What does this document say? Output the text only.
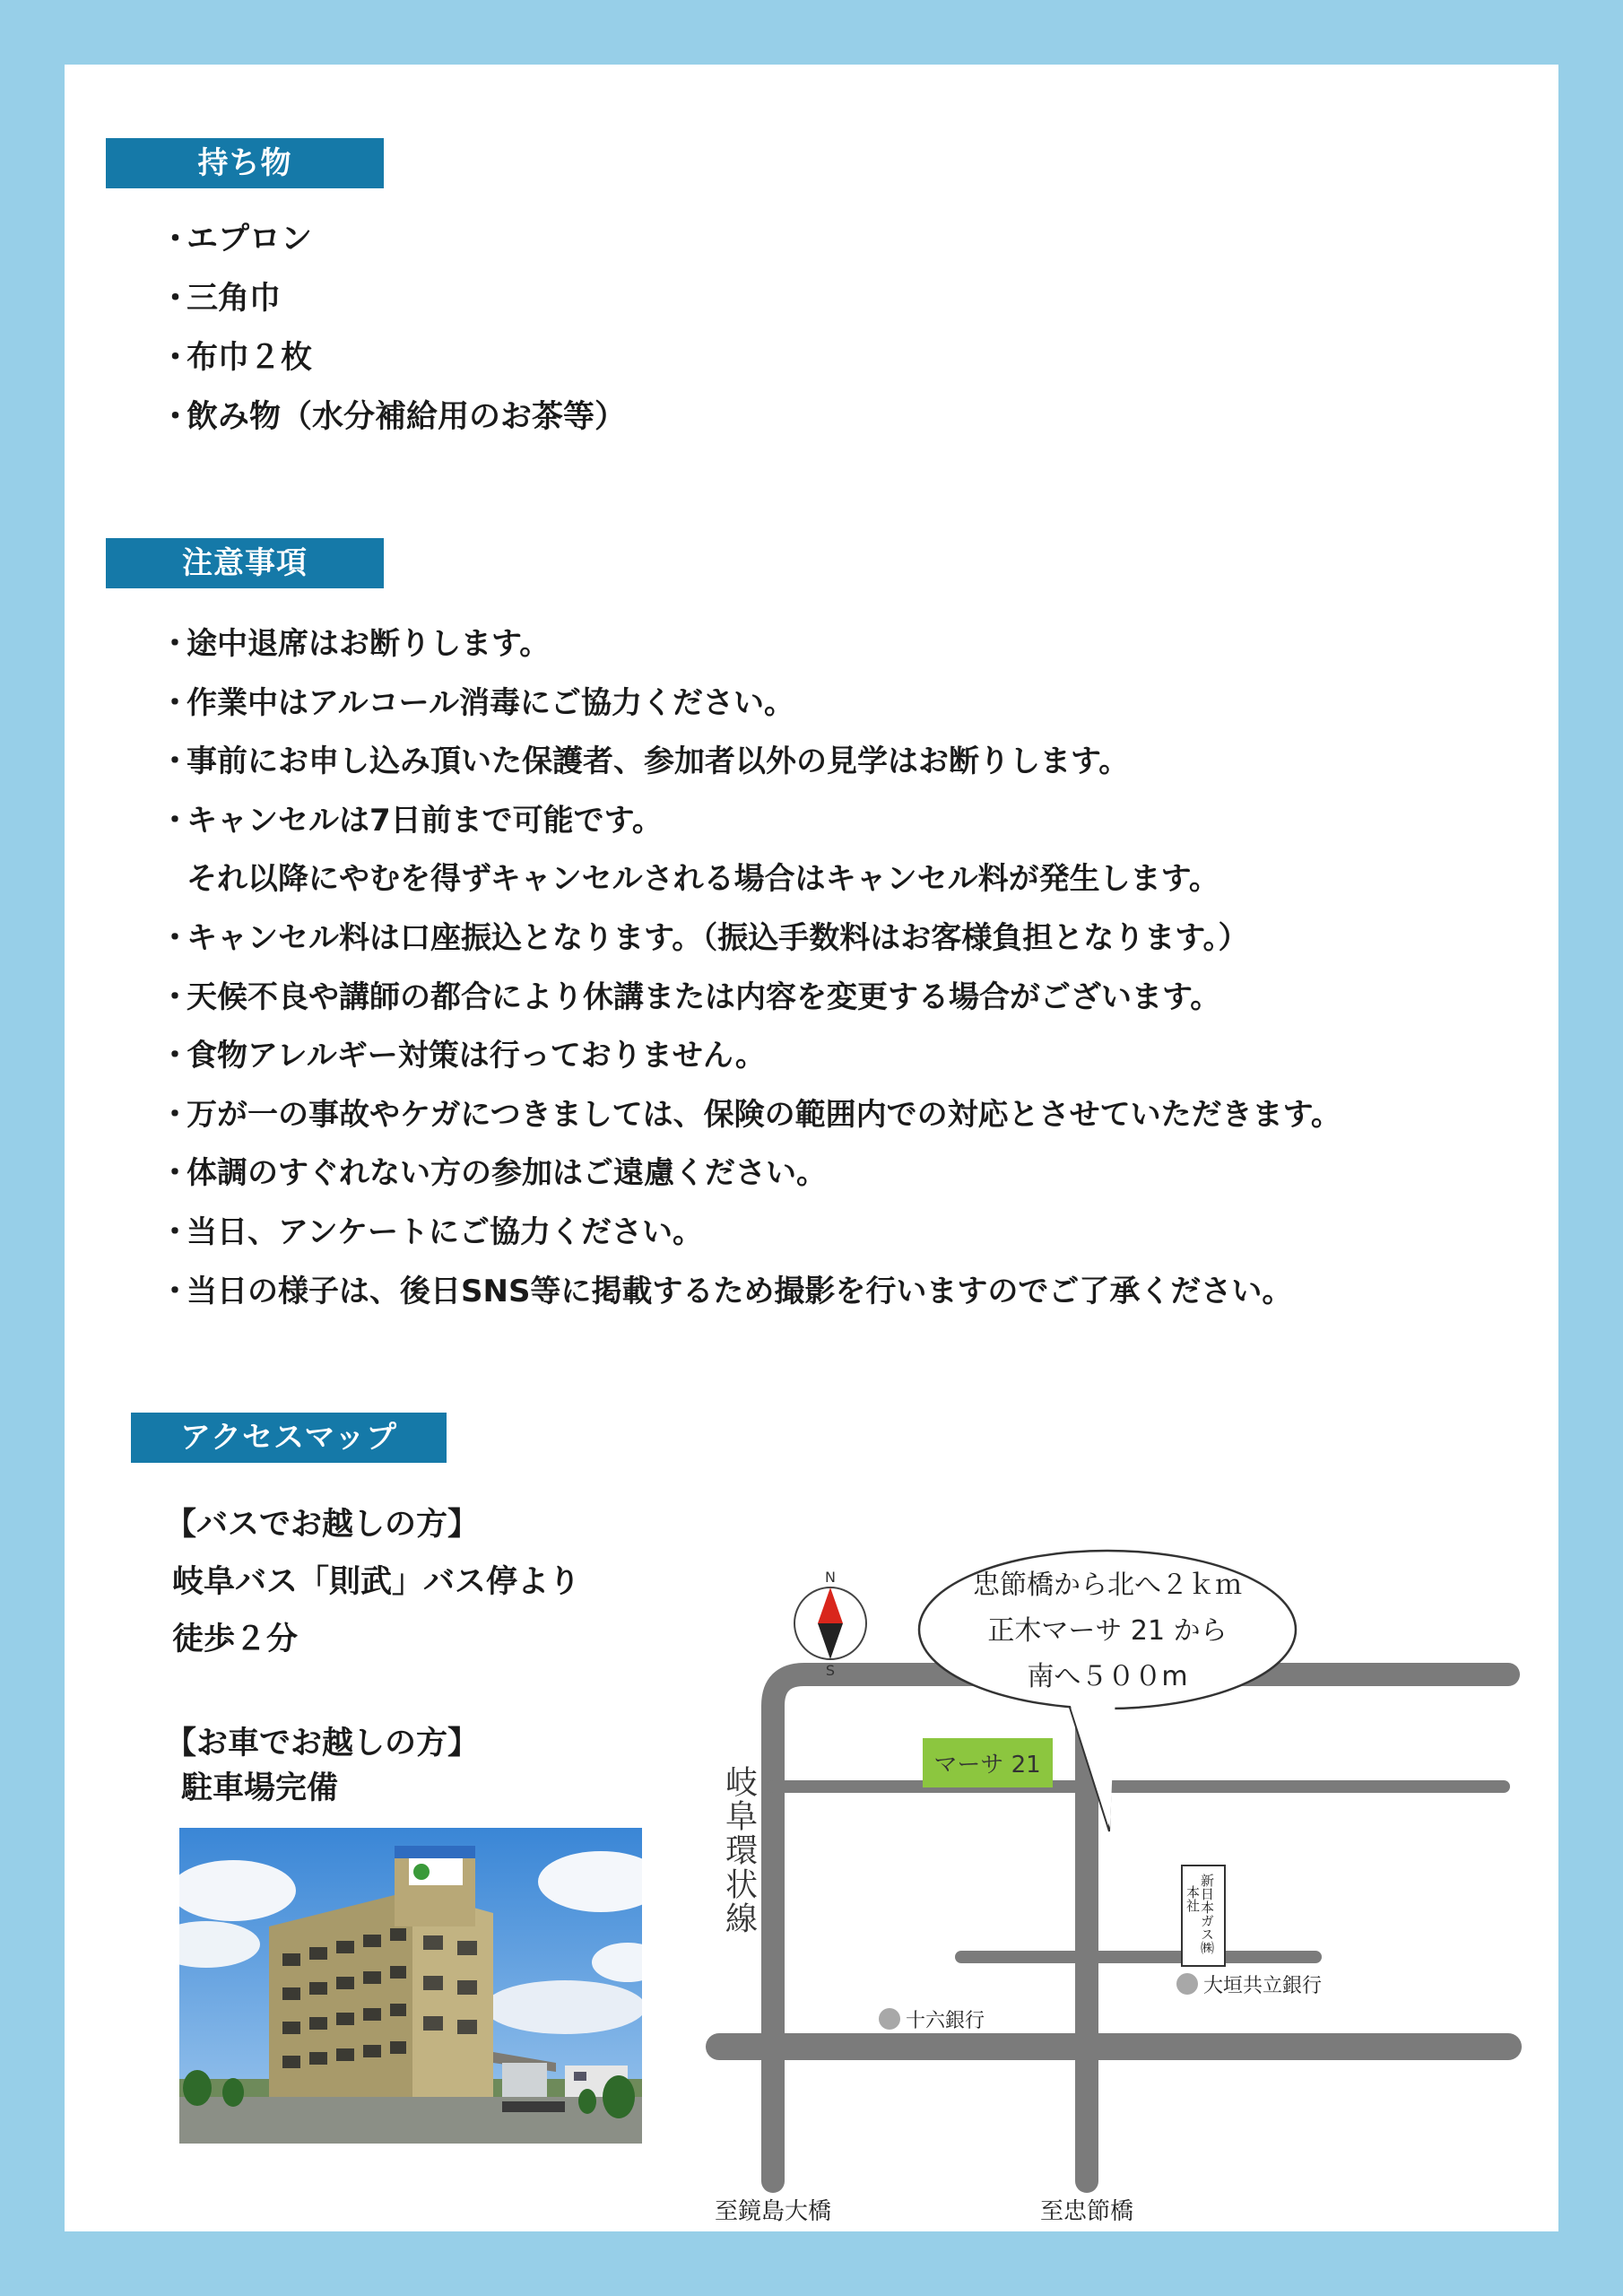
持ち物
・
エプロン
・
三角巾
・
布巾２枚
・
飲み物（水分補給用のお茶等）
注意事項
・
途中退席はお断りします。
・
作業中はアルコール消毒にご協力ください。
・
事前にお申し込み頂いた保護者、参加者以外の見学はお断りします。
・
キャンセルは7日前まで可能です。
それ以降にやむを得ずキャンセルされる場合はキャンセル料が発生します。
・
キャンセル料は口座振込となります。（振込手数料はお客様負担となります。）
・
天候不良や講師の都合により休講または内容を変更する場合がございます。
・
食物アレルギー対策は行っておりません。
・
万が一の事故やケガにつきましては、保険の範囲内での対応とさせていただきます。
・
体調のすぐれない方の参加はご遠慮ください。
・
当日、アンケートにご協力ください。
・
当日の様子は、後日SNS等に掲載するため撮影を行いますのでご了承ください。
アクセスマップ
【バスでお越しの方】
岐阜バス「則武」バス停より
徒歩２分
【お車でお越しの方】
駐車場完備
N
S
岐阜環状線	マーサ 21
忠節橋から北へ２ｋｍ
正木マーサ 21 から
南へ５００m
新日本ガス㈱
本社
大垣共立銀行
十六銀行
至鏡島大橋	至忠節橋
